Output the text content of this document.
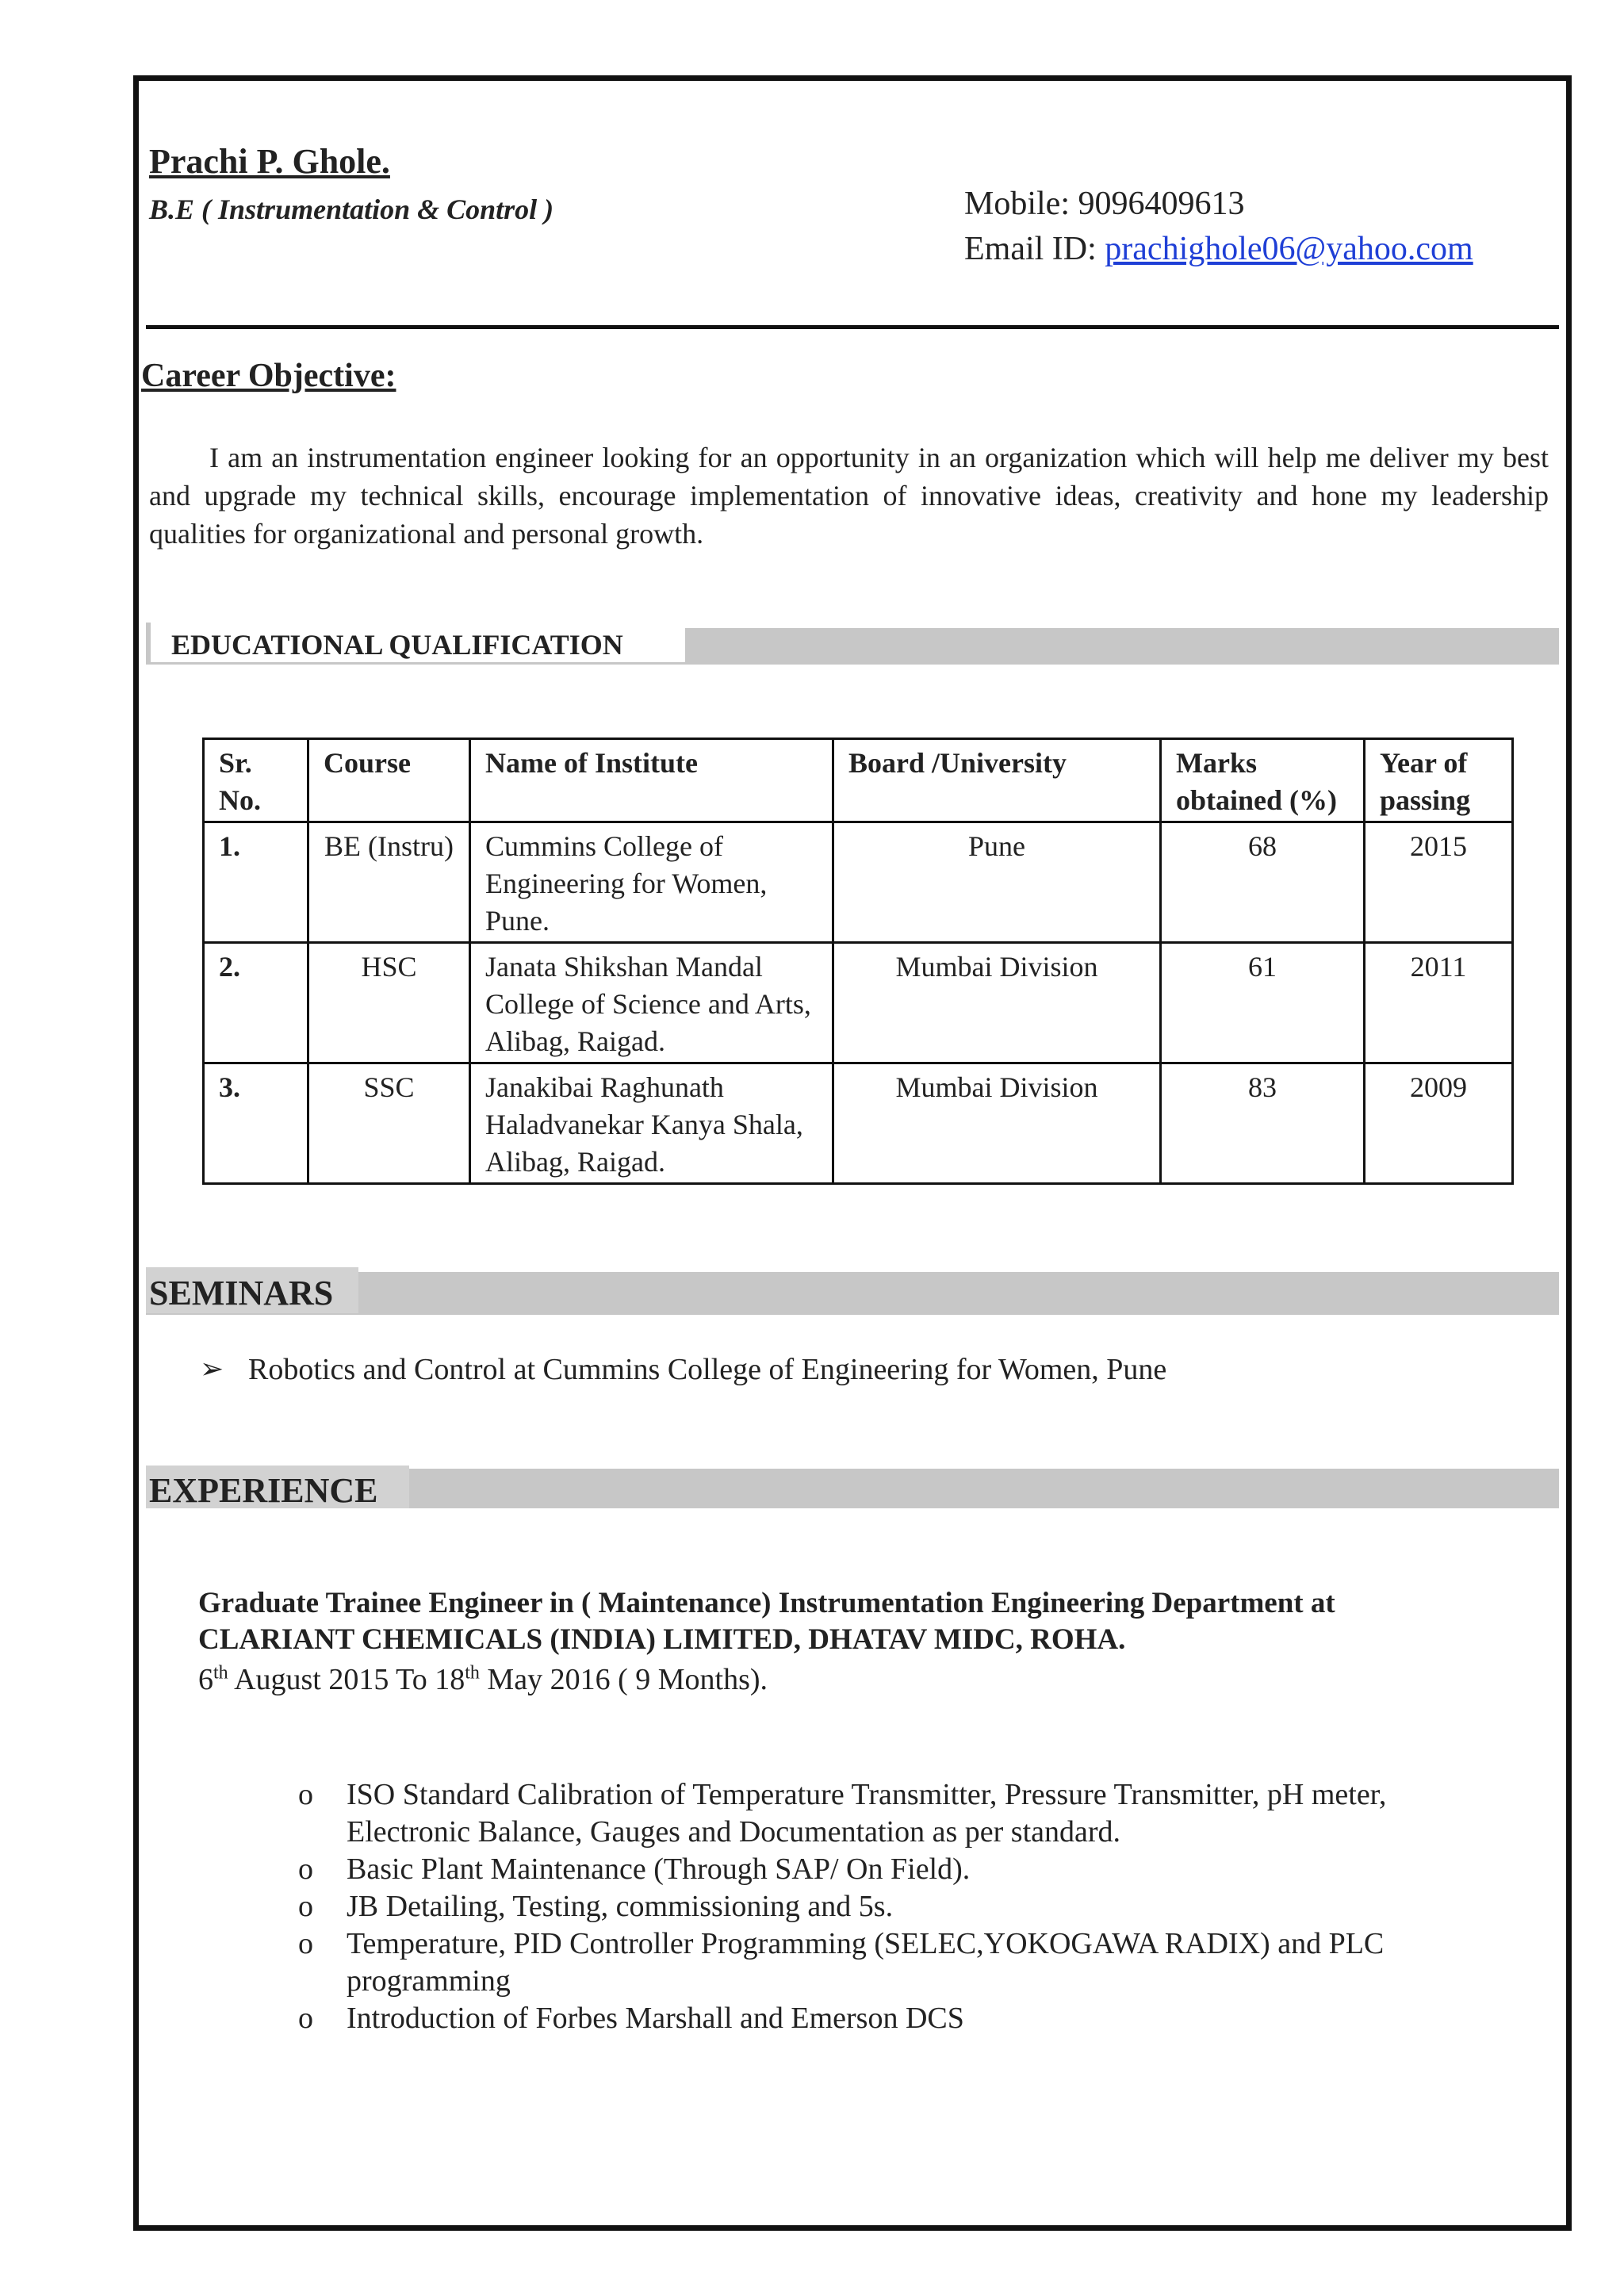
Prachi P. Ghole.
B.E ( Instrumentation & Control )	Mobile: 9096409613
Email ID: prachighole06@yahoo.com
Career Objective:
I am an instrumentation engineer looking for an opportunity in an organization which will help me deliver my best and upgrade my technical skills, encourage implementation of innovative ideas, creativity and hone my leadership qualities for organizational and personal growth.
EDUCATIONAL QUALIFICATION
Sr. No.	Course	Name of Institute	Board /University	Marks obtained (%)	Year of passing
1.	BE (Instru)	Cummins College of Engineering for Women, Pune.	Pune	68	2015
2.	HSC	Janata Shikshan Mandal College of Science and Arts, Alibag, Raigad.	Mumbai Division	61	2011
3.	SSC	Janakibai Raghunath Haladvanekar Kanya Shala, Alibag, Raigad.	Mumbai Division	83	2009
SEMINARS
➢ Robotics and Control at Cummins College of Engineering for Women, Pune
EXPERIENCE
Graduate Trainee Engineer in ( Maintenance) Instrumentation Engineering Department at
CLARIANT CHEMICALS (INDIA) LIMITED, DHATAV MIDC, ROHA.
6th August 2015 To 18th May 2016 ( 9 Months).
o ISO Standard Calibration of Temperature Transmitter, Pressure Transmitter, pH meter, Electronic Balance, Gauges and Documentation as per standard.
o Basic Plant Maintenance (Through SAP/ On Field).
o JB Detailing, Testing, commissioning and 5s.
o Temperature, PID Controller Programming (SELEC,YOKOGAWA RADIX) and PLC programming
o Introduction of Forbes Marshall and Emerson DCS
